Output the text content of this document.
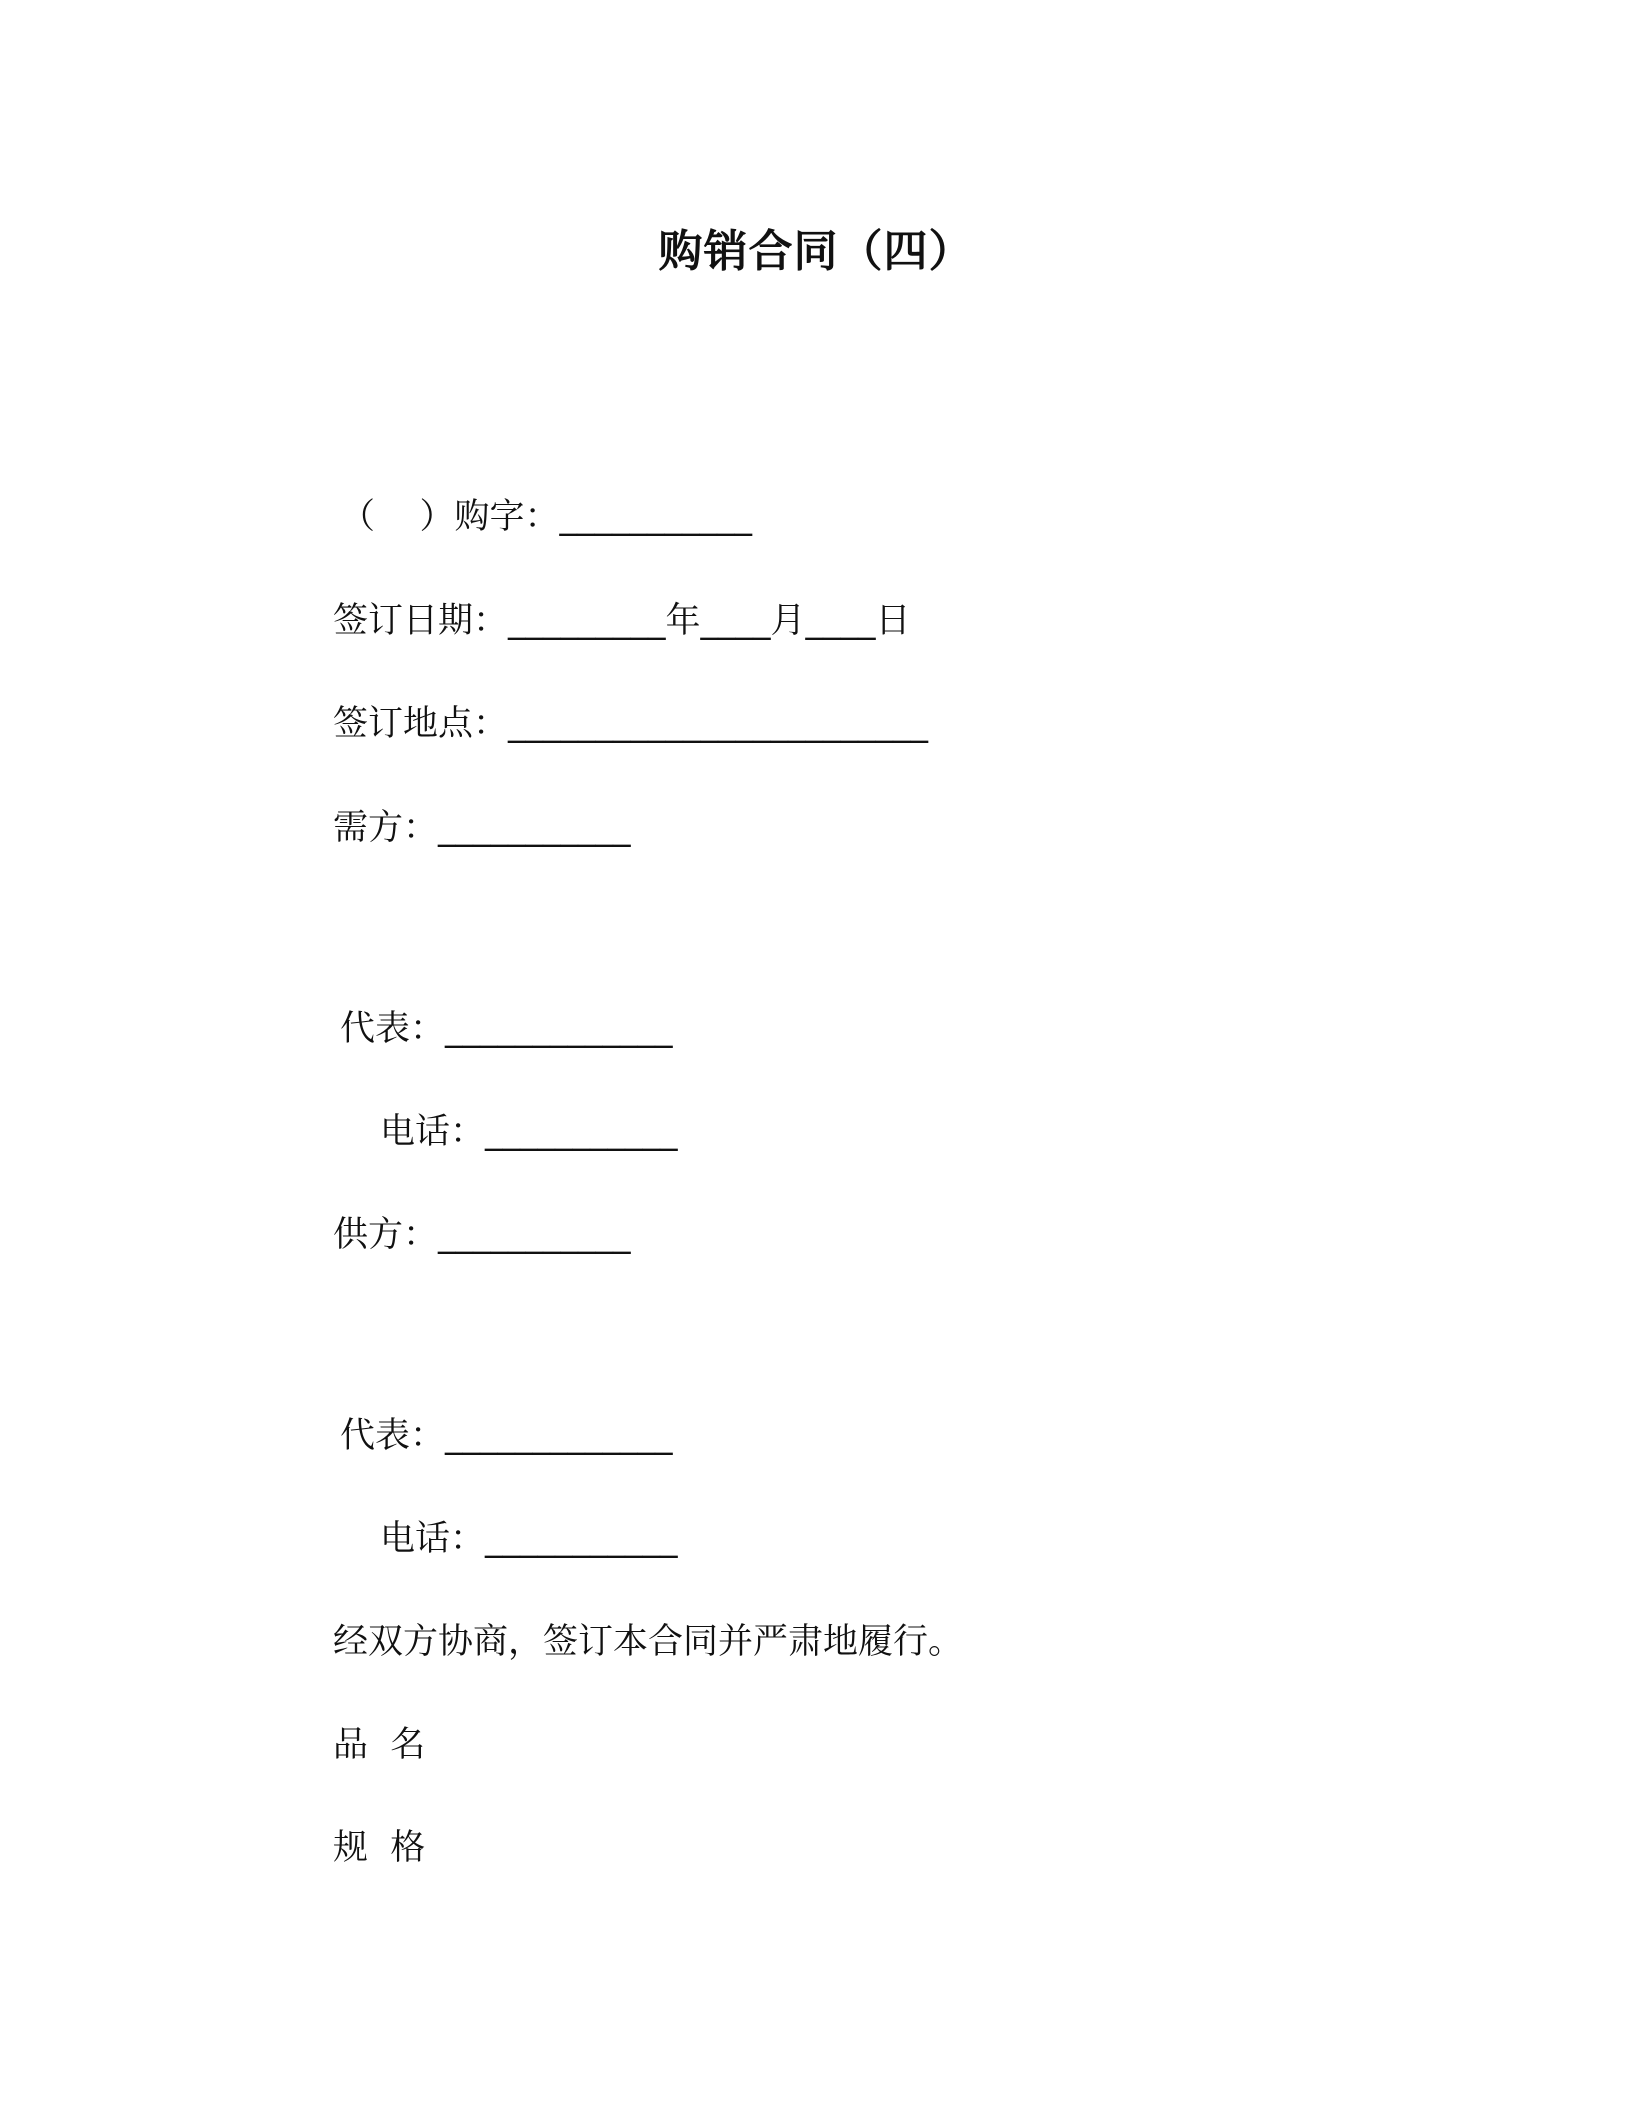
购销合同（四）

（    ）购字：___________

签订日期：_________年____月____日

签订地点：________________________

需方：___________

代表：_____________

电话：___________

供方：___________

代表：_____________

电话：___________

经双方协商，签订本合同并严肃地履行。

品  名

规  格
